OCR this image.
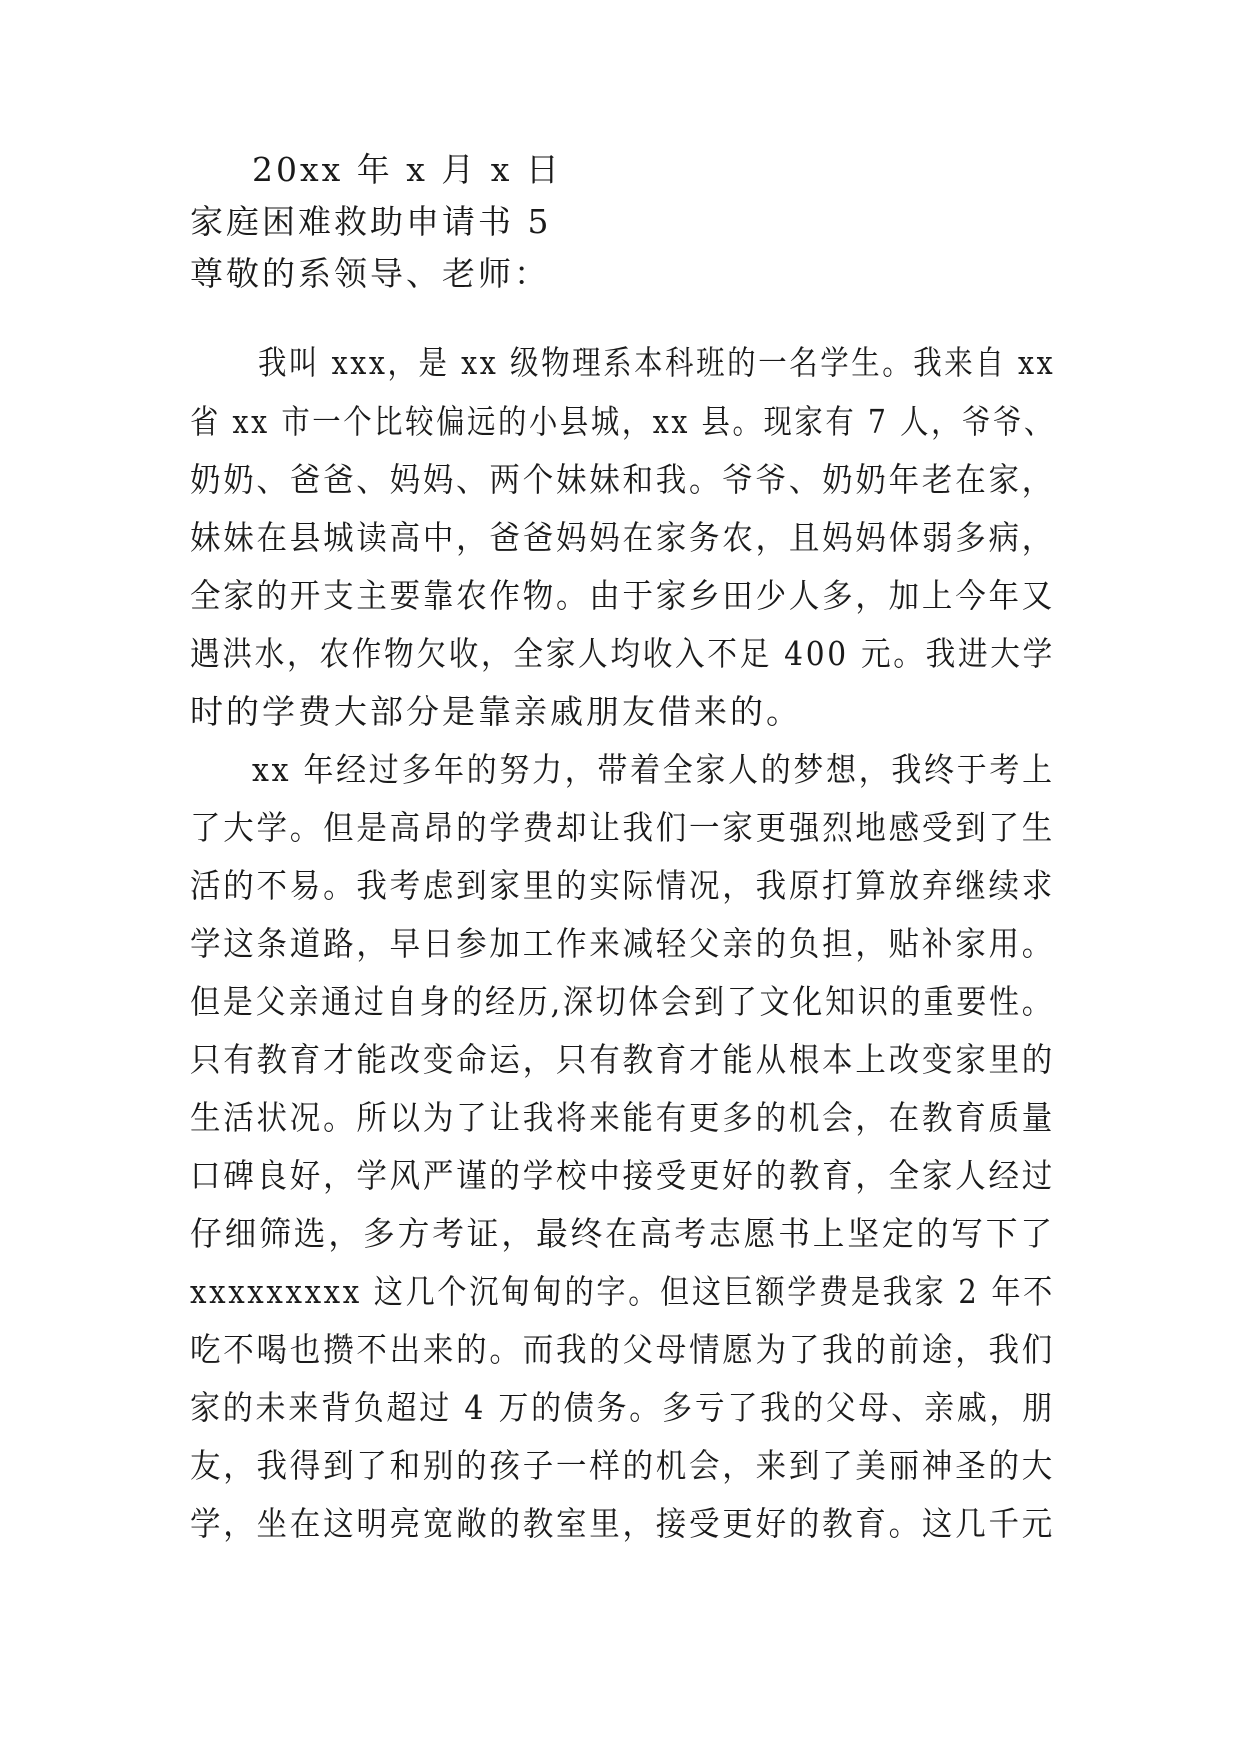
20xx 年 x 月 x 日
家庭困难救助申请书 5
尊敬的系领导、老师：
我叫 xxx，是 xx 级物理系本科班的一名学生。我来自 xx
省 xx 市一个比较偏远的小县城，xx 县。现家有 7 人，爷爷、
奶奶、爸爸、妈妈、两个妹妹和我。爷爷、奶奶年老在家，
妹妹在县城读高中，爸爸妈妈在家务农，且妈妈体弱多病，
全家的开支主要靠农作物。由于家乡田少人多，加上今年又
遇洪水，农作物欠收，全家人均收入不足 400 元。我进大学
时的学费大部分是靠亲戚朋友借来的。
xx 年经过多年的努力，带着全家人的梦想，我终于考上
了大学。但是高昂的学费却让我们一家更强烈地感受到了生
活的不易。我考虑到家里的实际情况，我原打算放弃继续求
学这条道路，早日参加工作来减轻父亲的负担，贴补家用。
但是父亲通过自身的经历,深切体会到了文化知识的重要性。
只有教育才能改变命运，只有教育才能从根本上改变家里的
生活状况。所以为了让我将来能有更多的机会，在教育质量
口碑良好，学风严谨的学校中接受更好的教育，全家人经过
仔细筛选，多方考证，最终在高考志愿书上坚定的写下了
xxxxxxxxx 这几个沉甸甸的字。但这巨额学费是我家 2 年不
吃不喝也攒不出来的。而我的父母情愿为了我的前途，我们
家的未来背负超过 4 万的债务。多亏了我的父母、亲戚，朋
友，我得到了和别的孩子一样的机会，来到了美丽神圣的大
学，坐在这明亮宽敞的教室里，接受更好的教育。这几千元
